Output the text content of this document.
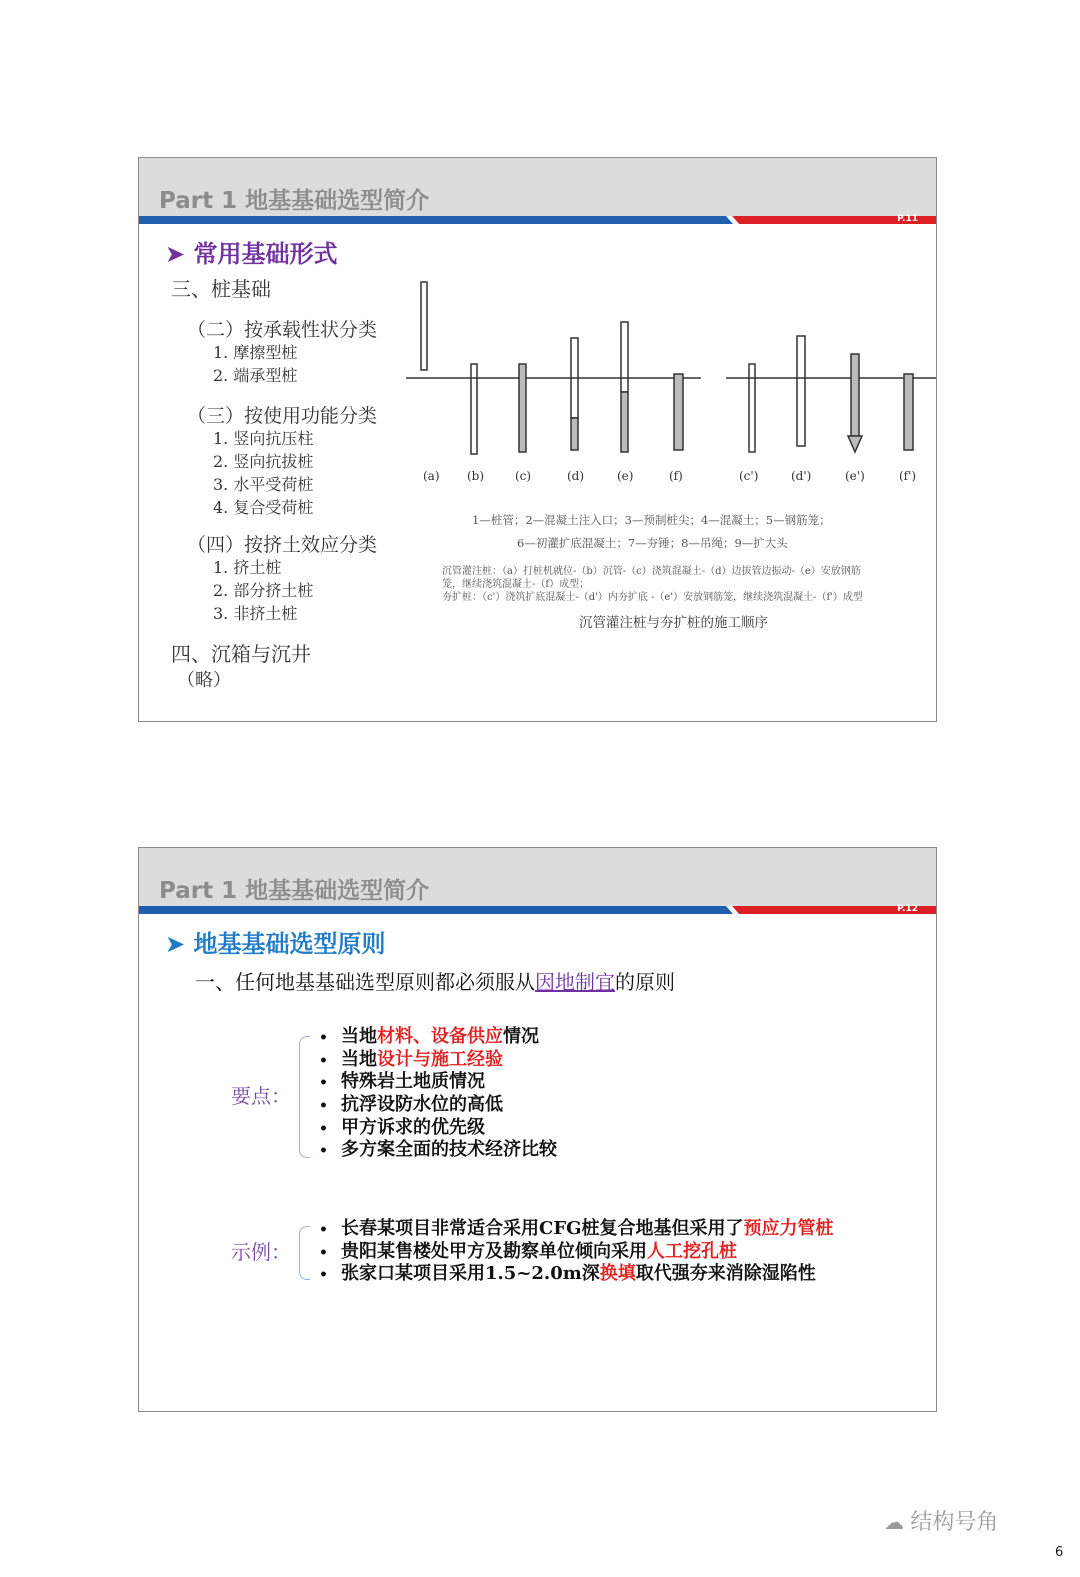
Part 1 地基基础选型简介
P.11
➤ 常用基础形式
三、桩基础
（二）按承载性状分类
1. 摩擦型桩
2. 端承型桩
（三）按使用功能分类
1. 竖向抗压柱
2. 竖向抗拔桩
3. 水平受荷桩
4. 复合受荷桩
（四）按挤土效应分类
1. 挤土桩
2. 部分挤土桩
3. 非挤土桩
四、沉箱与沉井
（略）
(a) (b)	(c)	(d)	(e)	(f)	(c')	(d')	(e')	(f')
1—桩管；2—混凝土注入口；3—预制桩尖；4—混凝土；5—钢筋笼；
6—初灌扩底混凝土；7—夯锤；8—吊绳；9—扩大头
沉管灌注桩：（a）打桩机就位-（b）沉管-（c）浇筑混凝土-（d）边拔管边振动-（e）安放钢筋
笼，继续浇筑混凝土-（f）成型；
夯扩桩：（c'）浇筑扩底混凝土-（d'）内夯扩底 -（e'）安放钢筋笼，继续浇筑混凝土-（f'）成型
沉管灌注桩与夯扩桩的施工顺序
Part 1 地基基础选型简介
P.12
➤ 地基基础选型原则
一、任何地基基础选型原则都必须服从因地制宜的原则
要点：
• 当地材料、设备供应情况
• 当地设计与施工经验
• 特殊岩土地质情况
• 抗浮设防水位的高低
• 甲方诉求的优先级
• 多方案全面的技术经济比较
示例：
• 长春某项目非常适合采用CFG桩复合地基但采用了预应力管桩
• 贵阳某售楼处甲方及勘察单位倾向采用人工挖孔桩
• 张家口某项目采用1.5~2.0m深换填取代强夯来消除湿陷性
☁ 结构号角
6
